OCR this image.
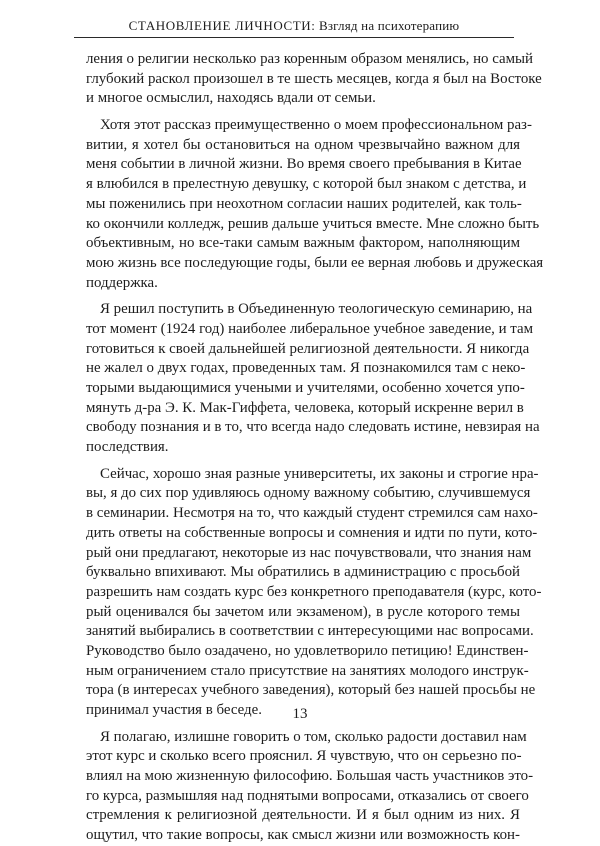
СТАНОВЛЕНИЕ ЛИЧНОСТИ: Взгляд на психотерапию
ления о религии несколько раз коренным образом менялись, но самый
глубокий раскол произошел в те шесть месяцев, когда я был на Востоке
и многое осмыслил, находясь вдали от семьи.
Хотя этот рассказ преимущественно о моем профессиональном раз-
витии, я хотел бы остановиться на одном чрезвычайно важном для
меня событии в личной жизни. Во время своего пребывания в Китае
я влюбился в прелестную девушку, с которой был знаком с детства, и
мы поженились при неохотном согласии наших родителей, как толь-
ко окончили колледж, решив дальше учиться вместе. Мне сложно быть
объективным, но все-таки самым важным фактором, наполняющим
мою жизнь все последующие годы, были ее верная любовь и дружеская
поддержка.
Я решил поступить в Объединенную теологическую семинарию, на
тот момент (1924 год) наиболее либеральное учебное заведение, и там
готовиться к своей дальнейшей религиозной деятельности. Я никогда
не жалел о двух годах, проведенных там. Я познакомился там с неко-
торыми выдающимися учеными и учителями, особенно хочется упо-
мянуть д-ра Э. К. Мак-Гиффета, человека, который искренне верил в
свободу познания и в то, что всегда надо следовать истине, невзирая на
последствия.
Сейчас, хорошо зная разные университеты, их законы и строгие нра-
вы, я до сих пор удивляюсь одному важному событию, случившемуся
в семинарии. Несмотря на то, что каждый студент стремился сам нахо-
дить ответы на собственные вопросы и сомнения и идти по пути, кото-
рый они предлагают, некоторые из нас почувствовали, что знания нам
буквально впихивают. Мы обратились в администрацию с просьбой
разрешить нам создать курс без конкретного преподавателя (курс, кото-
рый оценивался бы зачетом или экзаменом), в русле которого темы
занятий выбирались в соответствии с интересующими нас вопросами.
Руководство было озадачено, но удовлетворило петицию! Единствен-
ным ограничением стало присутствие на занятиях молодого инструк-
тора (в интересах учебного заведения), который без нашей просьбы не
принимал участия в беседе.
Я полагаю, излишне говорить о том, сколько радости доставил нам
этот курс и сколько всего прояснил. Я чувствую, что он серьезно по-
влиял на мою жизненную философию. Большая часть участников это-
го курса, размышляя над поднятыми вопросами, отказались от своего
стремления к религиозной деятельности. И я был одним из них. Я
ощутил, что такие вопросы, как смысл жизни или возможность кон-
13
